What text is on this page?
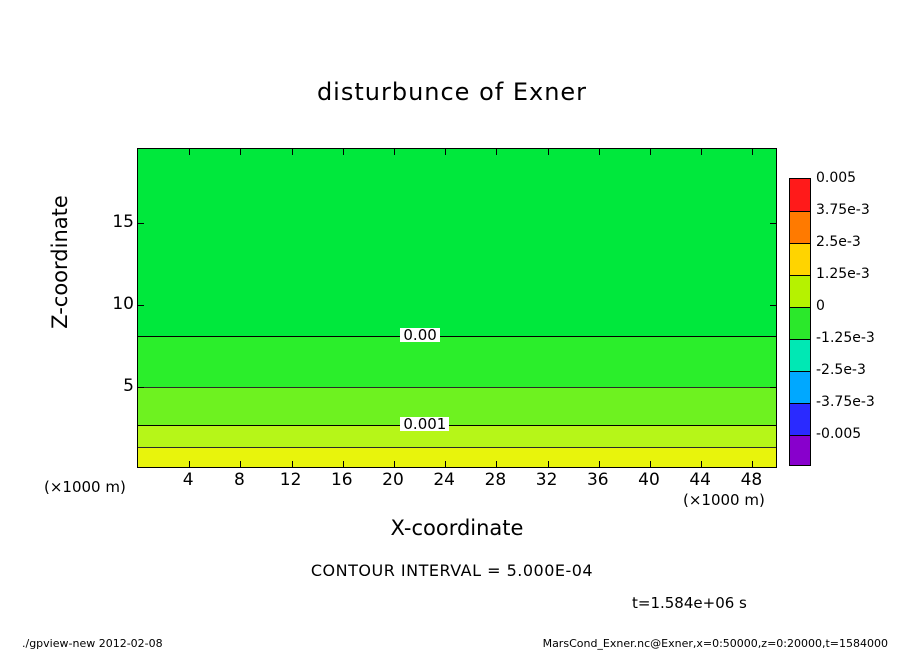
disturbunce of Exner
0.00
0.001
4 8 12 16 20 24 28 32 36 40 44 48
5
10
15
(×1000 m)
(×1000 m)
X-coordinate
Z-coordinate
CONTOUR INTERVAL = 5.000E-04
t=1.584e+06 s
0.005
3.75e-3
2.5e-3
1.25e-3
0
-1.25e-3
-2.5e-3
-3.75e-3
-0.005
./gpview-new 2012-02-08	MarsCond_Exner.nc@Exner,x=0:50000,z=0:20000,t=1584000
